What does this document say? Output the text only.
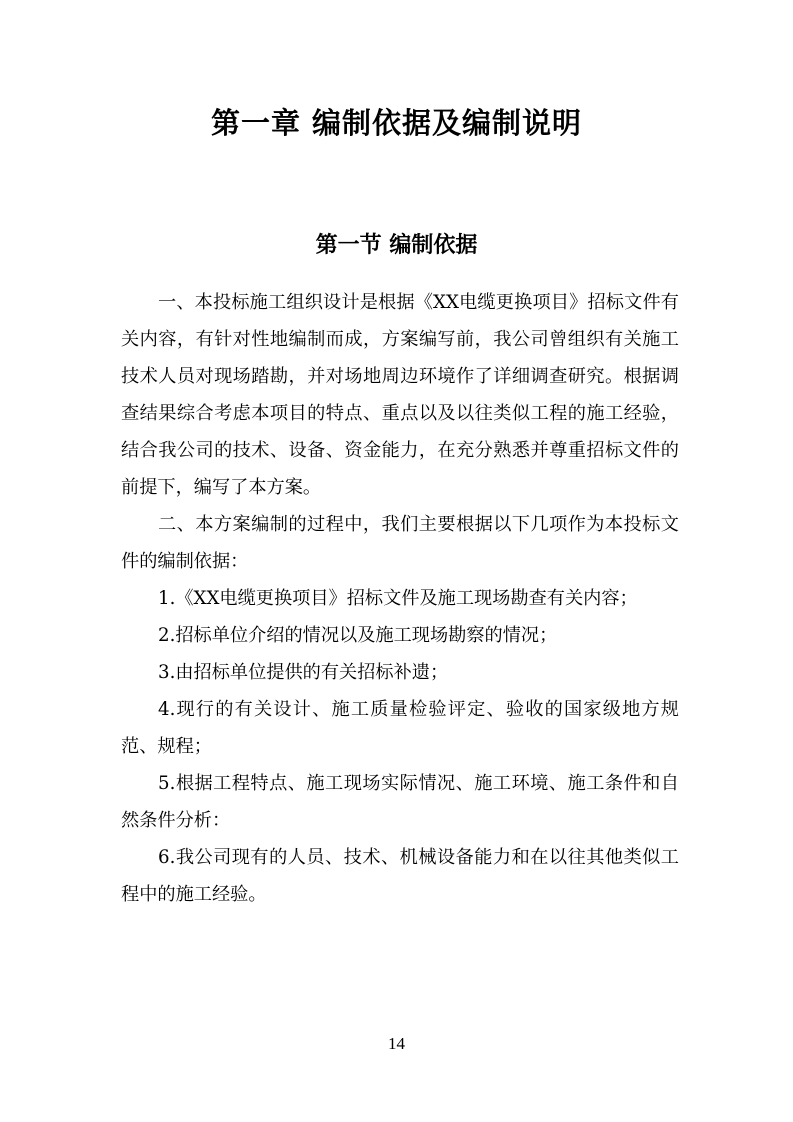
第一章 编制依据及编制说明
第一节 编制依据

一、本投标施工组织设计是根据《XX电缆更换项目》招标文件有关内容，有针对性地编制而成，方案编写前，我公司曾组织有关施工技术人员对现场踏勘，并对场地周边环境作了详细调查研究。根据调查结果综合考虑本项目的特点、重点以及以往类似工程的施工经验，结合我公司的技术、设备、资金能力，在充分熟悉并尊重招标文件的前提下，编写了本方案。

二、本方案编制的过程中，我们主要根据以下几项作为本投标文件的编制依据：

1.《XX电缆更换项目》招标文件及施工现场勘查有关内容；

2.招标单位介绍的情况以及施工现场勘察的情况；

3.由招标单位提供的有关招标补遗；

4.现行的有关设计、施工质量检验评定、验收的国家级地方规范、规程；

5.根据工程特点、施工现场实际情况、施工环境、施工条件和自然条件分析：

6.我公司现有的人员、技术、机械设备能力和在以往其他类似工程中的施工经验。

14
